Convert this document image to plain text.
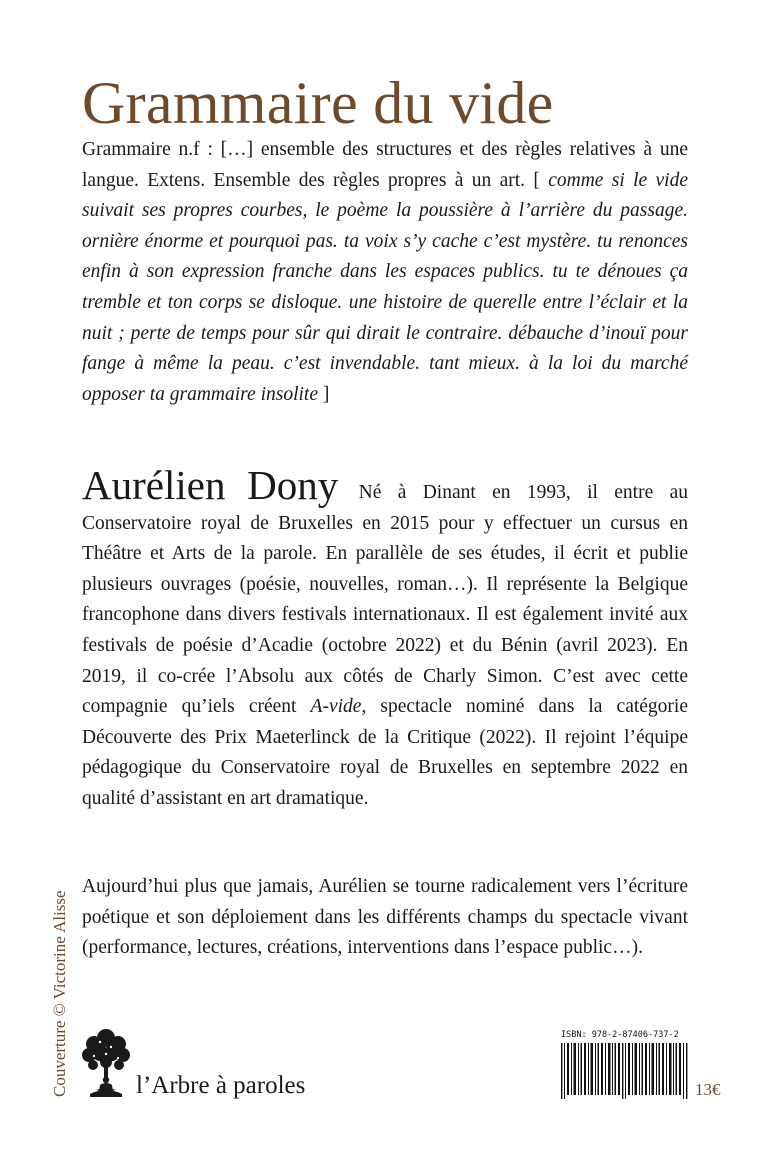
Grammaire du vide

Grammaire n.f : […] ensemble des structures et des règles relatives à une langue. Extens. Ensemble des règles propres à un art. [ comme si le vide suivait ses propres courbes, le poème la poussière à l’arrière du passage. ornière énorme et pourquoi pas. ta voix s’y cache c’est mystère. tu renonces enfin à son expression franche dans les espaces publics. tu te dénoues ça tremble et ton corps se disloque. une histoire de querelle entre l’éclair et la nuit ; perte de temps pour sûr qui dirait le contraire. débauche d’inouï pour fange à même la peau. c’est invendable. tant mieux. à la loi du marché opposer ta grammaire insolite ]

Aurélien Dony Né à Dinant en 1993, il entre au Conservatoire royal de Bruxelles en 2015 pour y effectuer un cursus en Théâtre et Arts de la parole. En parallèle de ses études, il écrit et publie plusieurs ouvrages (poésie, nouvelles, roman…). Il représente la Belgique francophone dans divers festivals internationaux. Il est également invité aux festivals de poésie d’Acadie (octobre 2022) et du Bénin (avril 2023). En 2019, il co-crée l’Absolu aux côtés de Charly Simon. C’est avec cette compagnie qu’iels créent A-vide, spectacle nominé dans la catégorie Découverte des Prix Maeterlinck de la Critique (2022). Il rejoint l’équipe pédagogique du Conservatoire royal de Bruxelles en septembre 2022 en qualité d’assistant en art dramatique.

Aujourd’hui plus que jamais, Aurélien se tourne radicalement vers l’écriture poétique et son déploiement dans les différents champs du spectacle vivant (performance, lectures, créations, interventions dans l’espace public…).

Couverture © Victorine Alisse	l’Arbre à paroles
ISBN: 978-2-87406-737-2
13€
